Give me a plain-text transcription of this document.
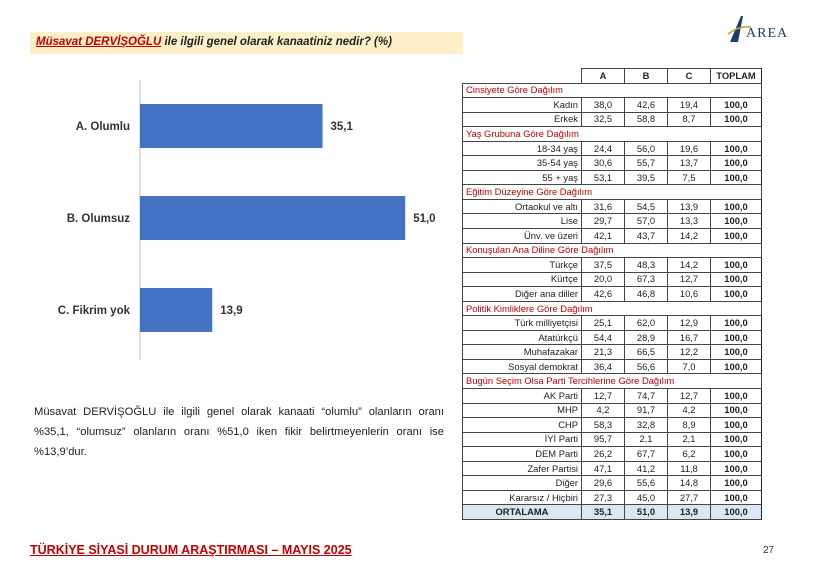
Müsavat DERVİŞOĞLU ile ilgili genel olarak kanaatiniz nedir? (%)
AREA
A. Olumlu	35,1
B. Olumsuz	51,0
C. Fikrim yok	13,9
Müsavat DERVİŞOĞLU ile ilgili genel olarak kanaati “olumlu” olanların oranı %35,1, “olumsuz” olanların oranı %51,0 iken fikir belirtmeyenlerin oranı ise %13,9’dur.
	A	B	C	TOPLAM
Cinsiyete Göre Dağılım				
Kadın	38,0	42,6	19,4	100,0
Erkek	32,5	58,8	8,7	100,0
Yaş Grubuna Göre Dağılım				
18-34 yaş	24,4	56,0	19,6	100,0
35-54 yaş	30,6	55,7	13,7	100,0
55 + yaş	53,1	39,5	7,5	100,0
Eğitim Düzeyine Göre Dağılım				
Ortaokul ve altı	31,6	54,5	13,9	100,0
Lise	29,7	57,0	13,3	100,0
Ünv. ve üzeri	42,1	43,7	14,2	100,0
Konuşulan Ana Diline Göre Dağılım				
Türkçe	37,5	48,3	14,2	100,0
Kürtçe	20,0	67,3	12,7	100,0
Diğer ana diller	42,6	46,8	10,6	100,0
Politik Kimliklere Göre Dağılım				
Türk milliyetçisi	25,1	62,0	12,9	100,0
Atatürkçü	54,4	28,9	16,7	100,0
Muhafazakar	21,3	66,5	12,2	100,0
Sosyal demokrat	36,4	56,6	7,0	100,0
Bugün Seçim Olsa Parti Tercihlerine Göre Dağılım				
AK Parti	12,7	74,7	12,7	100,0
MHP	4,2	91,7	4,2	100,0
CHP	58,3	32,8	8,9	100,0
İYİ Parti	95,7	2,1	2,1	100,0
DEM Parti	26,2	67,7	6,2	100,0
Zafer Partisi	47,1	41,2	11,8	100,0
Diğer	29,6	55,6	14,8	100,0
Kararsız / Hiçbiri	27,3	45,0	27,7	100,0
ORTALAMA	35,1	51,0	13,9	100,0
TÜRKİYE SİYASİ DURUM ARAŞTIRMASI – MAYIS 2025	27
